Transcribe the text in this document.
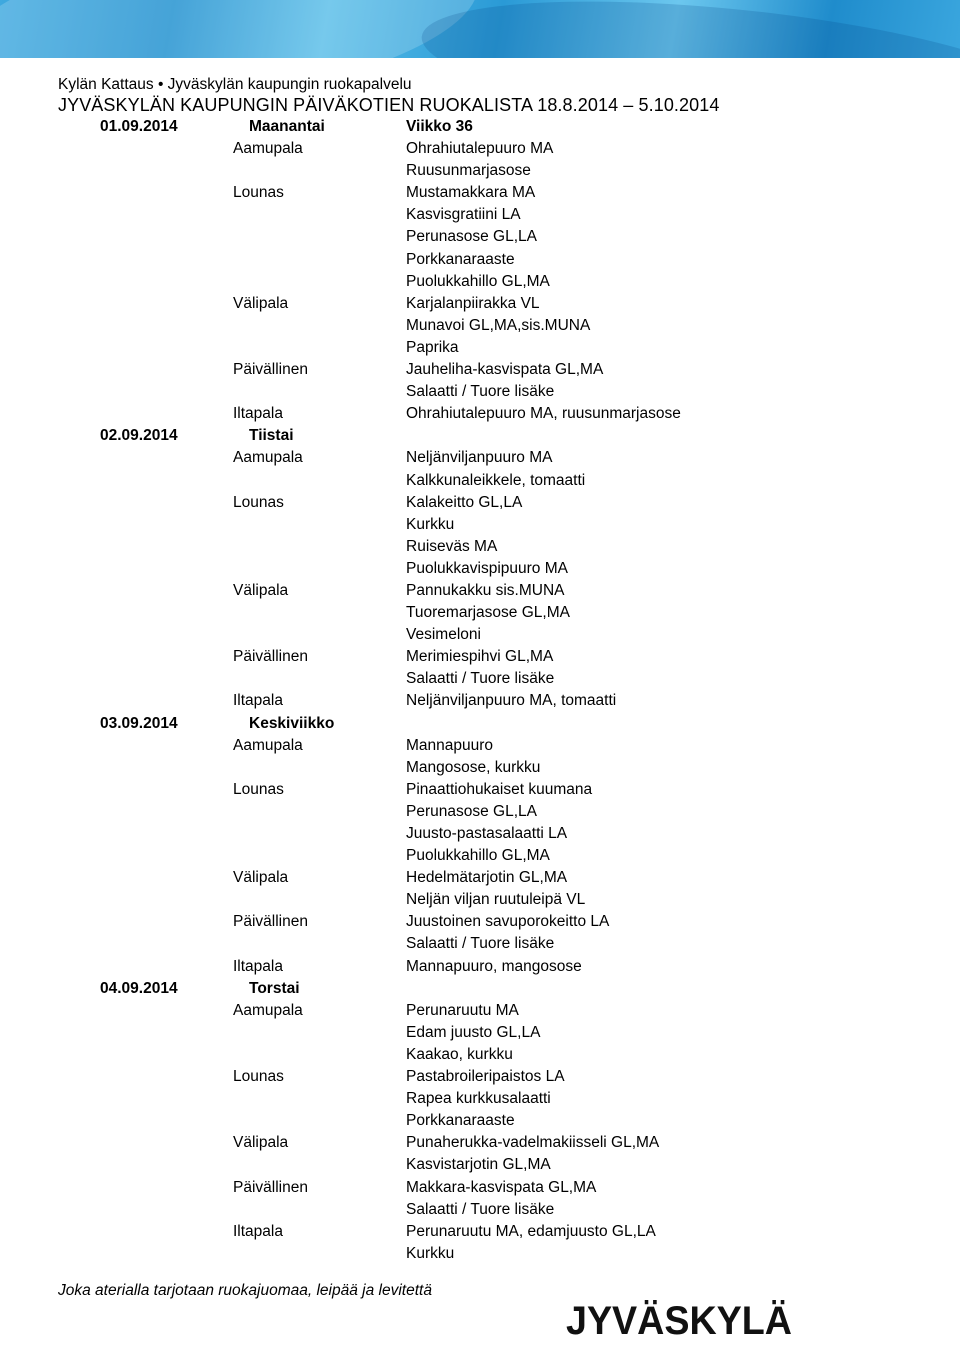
Kylän Kattaus • Jyväskylän kaupungin ruokapalvelu
JYVÄSKYLÄN KAUPUNGIN PÄIVÄKOTIEN RUOKALISTA 18.8.2014 – 5.10.2014
01.09.2014	Maanantai	Viikko 36
Aamupala	Ohrahiutalepuuro MA
Ruusunmarjasose
Lounas	Mustamakkara MA
Kasvisgratiini LA
Perunasose GL,LA
Porkkanaraaste
Puolukkahillo GL,MA
Välipala	Karjalanpiirakka VL
Munavoi GL,MA,sis.MUNA
Paprika
Päivällinen	Jauheliha-kasvispata GL,MA
Salaatti / Tuore lisäke
Iltapala	Ohrahiutalepuuro MA, ruusunmarjasose
02.09.2014	Tiistai
Aamupala	Neljänviljanpuuro MA
Kalkkunaleikkele, tomaatti
Lounas	Kalakeitto GL,LA
Kurkku
Ruiseväs MA
Puolukkavispipuuro MA
Välipala	Pannukakku sis.MUNA
Tuoremarjasose GL,MA
Vesimeloni
Päivällinen	Merimiespihvi GL,MA
Salaatti / Tuore lisäke
Iltapala	Neljänviljanpuuro MA, tomaatti
03.09.2014	Keskiviikko
Aamupala	Mannapuuro
Mangosose, kurkku
Lounas	Pinaattiohukaiset kuumana
Perunasose GL,LA
Juusto-pastasalaatti LA
Puolukkahillo GL,MA
Välipala	Hedelmätarjotin GL,MA
Neljän viljan ruutuleipä VL
Päivällinen	Juustoinen savuporokeitto LA
Salaatti / Tuore lisäke
Iltapala	Mannapuuro, mangosose
04.09.2014	Torstai
Aamupala	Perunaruutu MA
Edam juusto GL,LA
Kaakao, kurkku
Lounas	Pastabroileripaistos LA
Rapea kurkkusalaatti
Porkkanaraaste
Välipala	Punaherukka-vadelmakiisseli GL,MA
Kasvistarjotin GL,MA
Päivällinen	Makkara-kasvispata GL,MA
Salaatti / Tuore lisäke
Iltapala	Perunaruutu MA, edamjuusto GL,LA
Kurkku
Joka aterialla tarjotaan ruokajuomaa, leipää ja levitettä
JYVÄSKYLÄ
